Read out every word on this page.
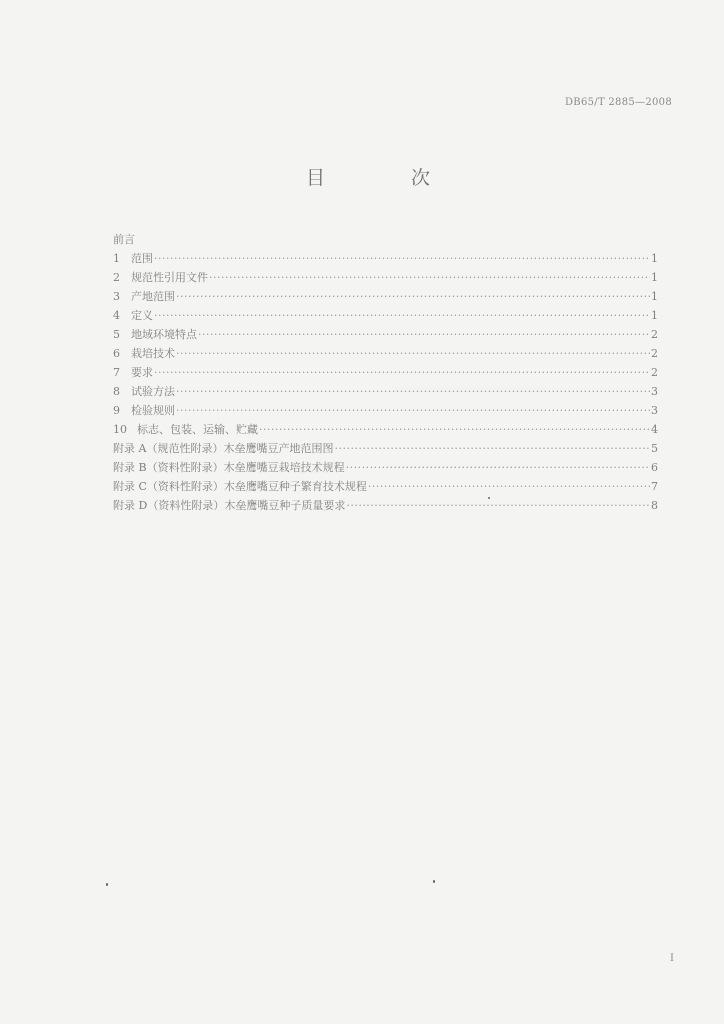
DB65/T 2885—2008
目 次
前言
1	范围 ·····	1
2	规范性引用文件 ·····	1
3	产地范围 ·····	1
4	定义 ·····	1
5	地域环境特点 ·····	2
6	栽培技术 ·····	2
7	要求 ·····	2
8	试验方法 ·····	3
9	检验规则 ·····	3
10 标志、包装、运输、贮藏 ·····	4
附录 A（规范性附录）木垒鹰嘴豆产地范围图 ·····	5
附录 B（资料性附录）木垒鹰嘴豆栽培技术规程 ·····	6
附录 C（资料性附录）木垒鹰嘴豆种子繁育技术规程 ·····	7
附录 D（资料性附录）木垒鹰嘴豆种子质量要求 ·····	8
I
